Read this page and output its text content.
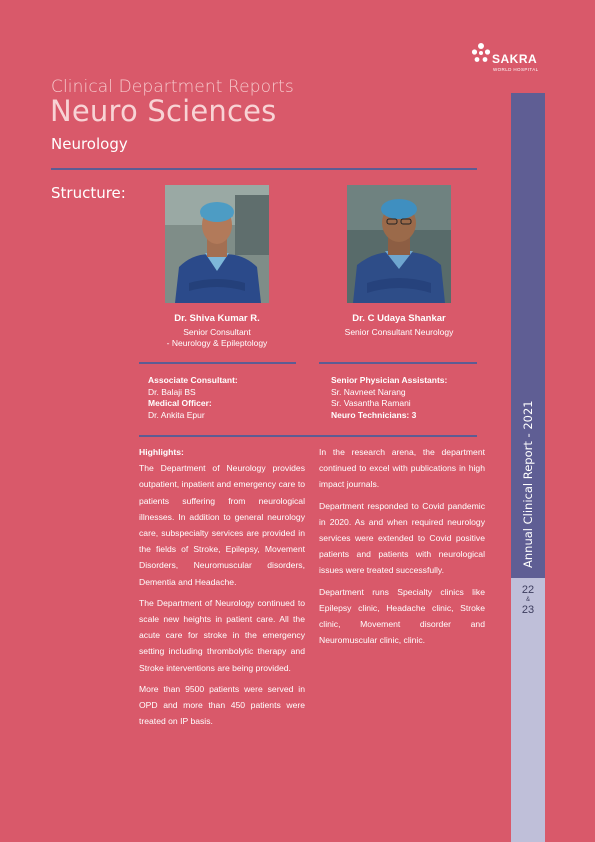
SAKRA
WORLD HOSPITAL
Clinical Department Reports
Neuro Sciences
Neurology
Structure:
Dr. Shiva Kumar R.
Senior Consultant
- Neurology & Epileptology
Dr. C Udaya Shankar
Senior Consultant Neurology
Associate Consultant:
Dr. Balaji BS
Medical Officer:
Dr. Ankita Epur
Senior Physician Assistants:
Sr. Navneet Narang
Sr. Vasantha Ramani
Neuro Technicians: 3

Highlights:

The Department of Neurology provides outpatient, inpatient and emergency care to patients suffering from neurological illnesses. In addition to general neurology care, subspecialty services are provided in the fields of Stroke, Epilepsy, Movement Disorders, Neuromuscular disorders, Dementia and Headache.

The Department of Neurology continued to scale new heights in patient care. All the acute care for stroke in the emergency setting including thrombolytic therapy and Stroke interventions are being provided.

More than 9500 patients were served in OPD and more than 450 patients were treated on IP basis.

In the research arena, the department continued to excel with publications in high impact journals.

Department responded to Covid pandemic in 2020. As and when required neurology services were extended to Covid positive patients and patients with neurological issues were treated successfully.

Department runs Specialty clinics like Epilepsy clinic, Headache clinic, Stroke clinic, Movement disorder and Neuromuscular clinic, clinic.

Annual Clinical Report - 2021
22
&
23
